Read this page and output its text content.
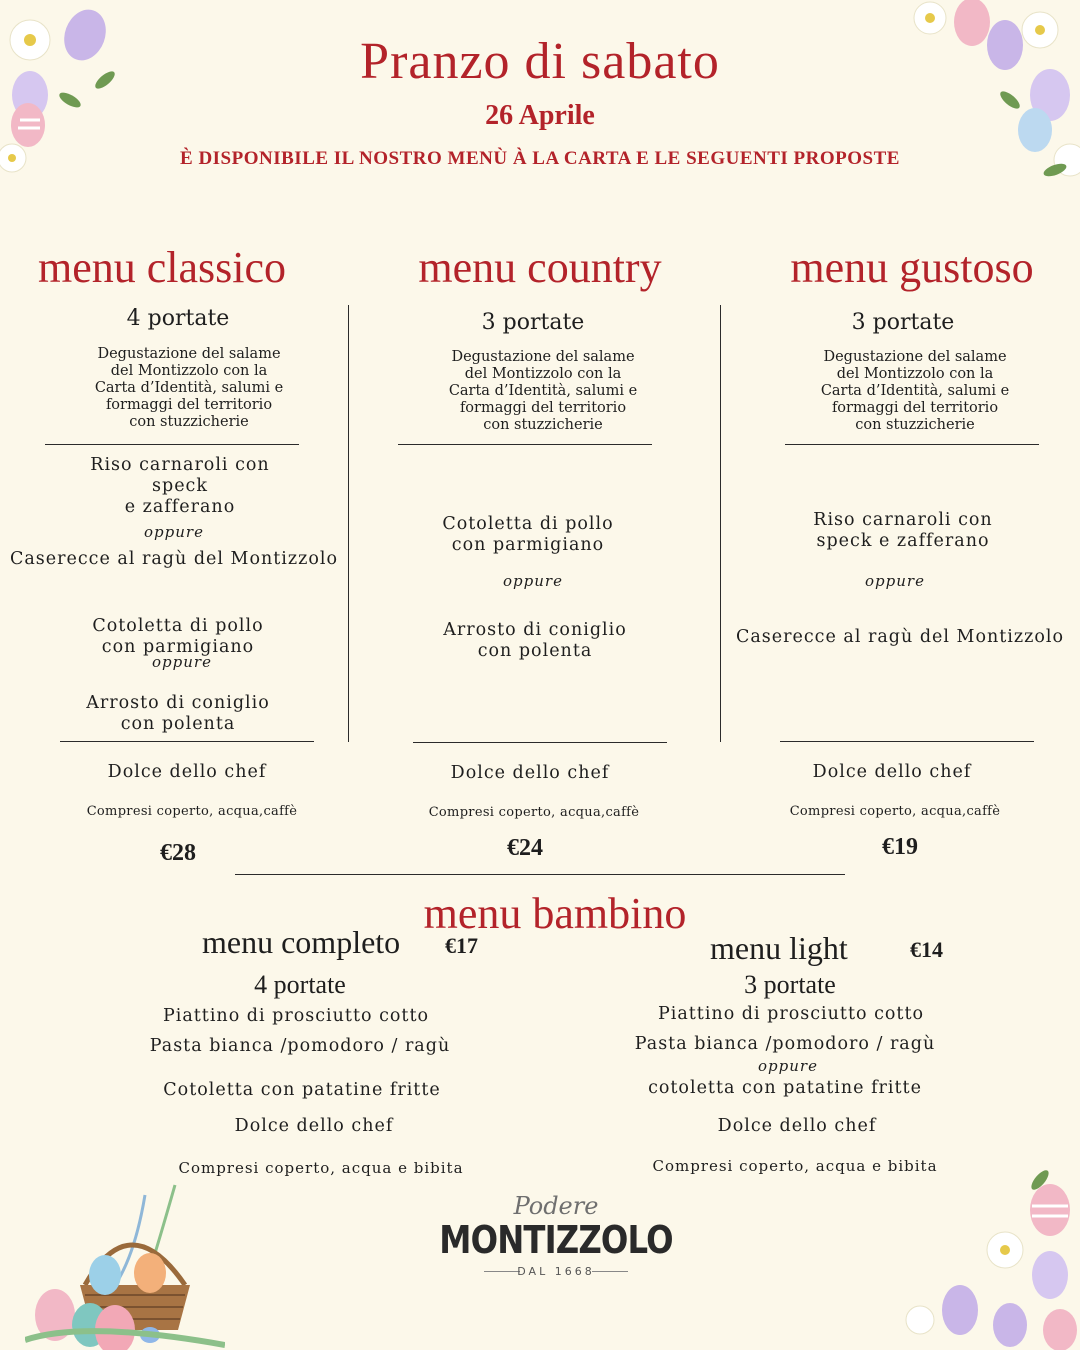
Pranzo di sabato
26 Aprile
È DISPONIBILE IL NOSTRO MENÙ À LA CARTA E LE SEGUENTI PROPOSTE
menu classico
4 portate
Degustazione del salame
del Montizzolo con la
Carta d’Identità, salumi e
formaggi del territorio
con stuzzicherie
Riso carnaroli con
speck
e zafferano
oppure
Caserecce al ragù del Montizzolo
Cotoletta di pollo
con parmigiano
oppure
Arrosto di coniglio
con polenta
Dolce dello chef
Compresi coperto, acqua,caffè
€28
menu country
3 portate
Degustazione del salame
del Montizzolo con la
Carta d’Identità, salumi e
formaggi del territorio
con stuzzicherie
Cotoletta di pollo
con parmigiano
oppure
Arrosto di coniglio
con polenta
Dolce dello chef
Compresi coperto, acqua,caffè
€24
menu gustoso
3 portate
Degustazione del salame
del Montizzolo con la
Carta d’Identità, salumi e
formaggi del territorio
con stuzzicherie
Riso carnaroli con
speck e zafferano
oppure
Caserecce al ragù del Montizzolo
Dolce dello chef
Compresi coperto, acqua,caffè
€19
menu bambino
menu completo €17
4 portate
Piattino di prosciutto cotto
Pasta bianca /pomodoro / ragù
Cotoletta con patatine fritte
Dolce dello chef
Compresi coperto, acqua e bibita
menu light	€14
3 portate
Piattino di prosciutto cotto
Pasta bianca /pomodoro / ragù
oppure
cotoletta con patatine fritte
Dolce dello chef
Compresi coperto, acqua e bibita
Podere
MONTIZZOLO
DAL 1668
